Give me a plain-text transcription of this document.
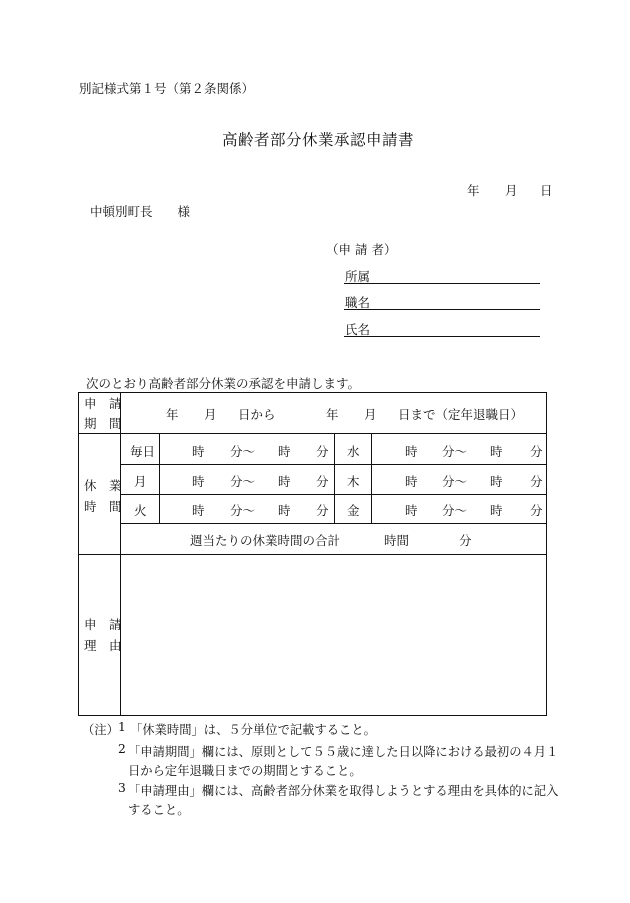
別記様式第１号（第２条関係）
高齢者部分休業承認申請書
年 月 日
中頓別町長　　様
（申 請 者）
所属
職名
氏名
次のとおり高齢者部分休業の承認を申請します。
申　請
期　間
年 月 日から	年 月 日まで（定年退職日）
休　業
時　間
毎日	時 分～ 時 分 水	時 分～ 時 分
月	時 分～ 時 分 木	時 分～ 時 分
火	時 分～ 時 分 金	時 分～ 時 分
週当たりの休業時間の合計	時間	分
申　請
理　由
（注） 1 「休業時間」は、５分単位で記載すること。
2 「申請期間」欄には、原則として５５歳に達した日以降における最初の４月１
日から定年退職日までの期間とすること。
3 「申請理由」欄には、高齢者部分休業を取得しようとする理由を具体的に記入
すること。
